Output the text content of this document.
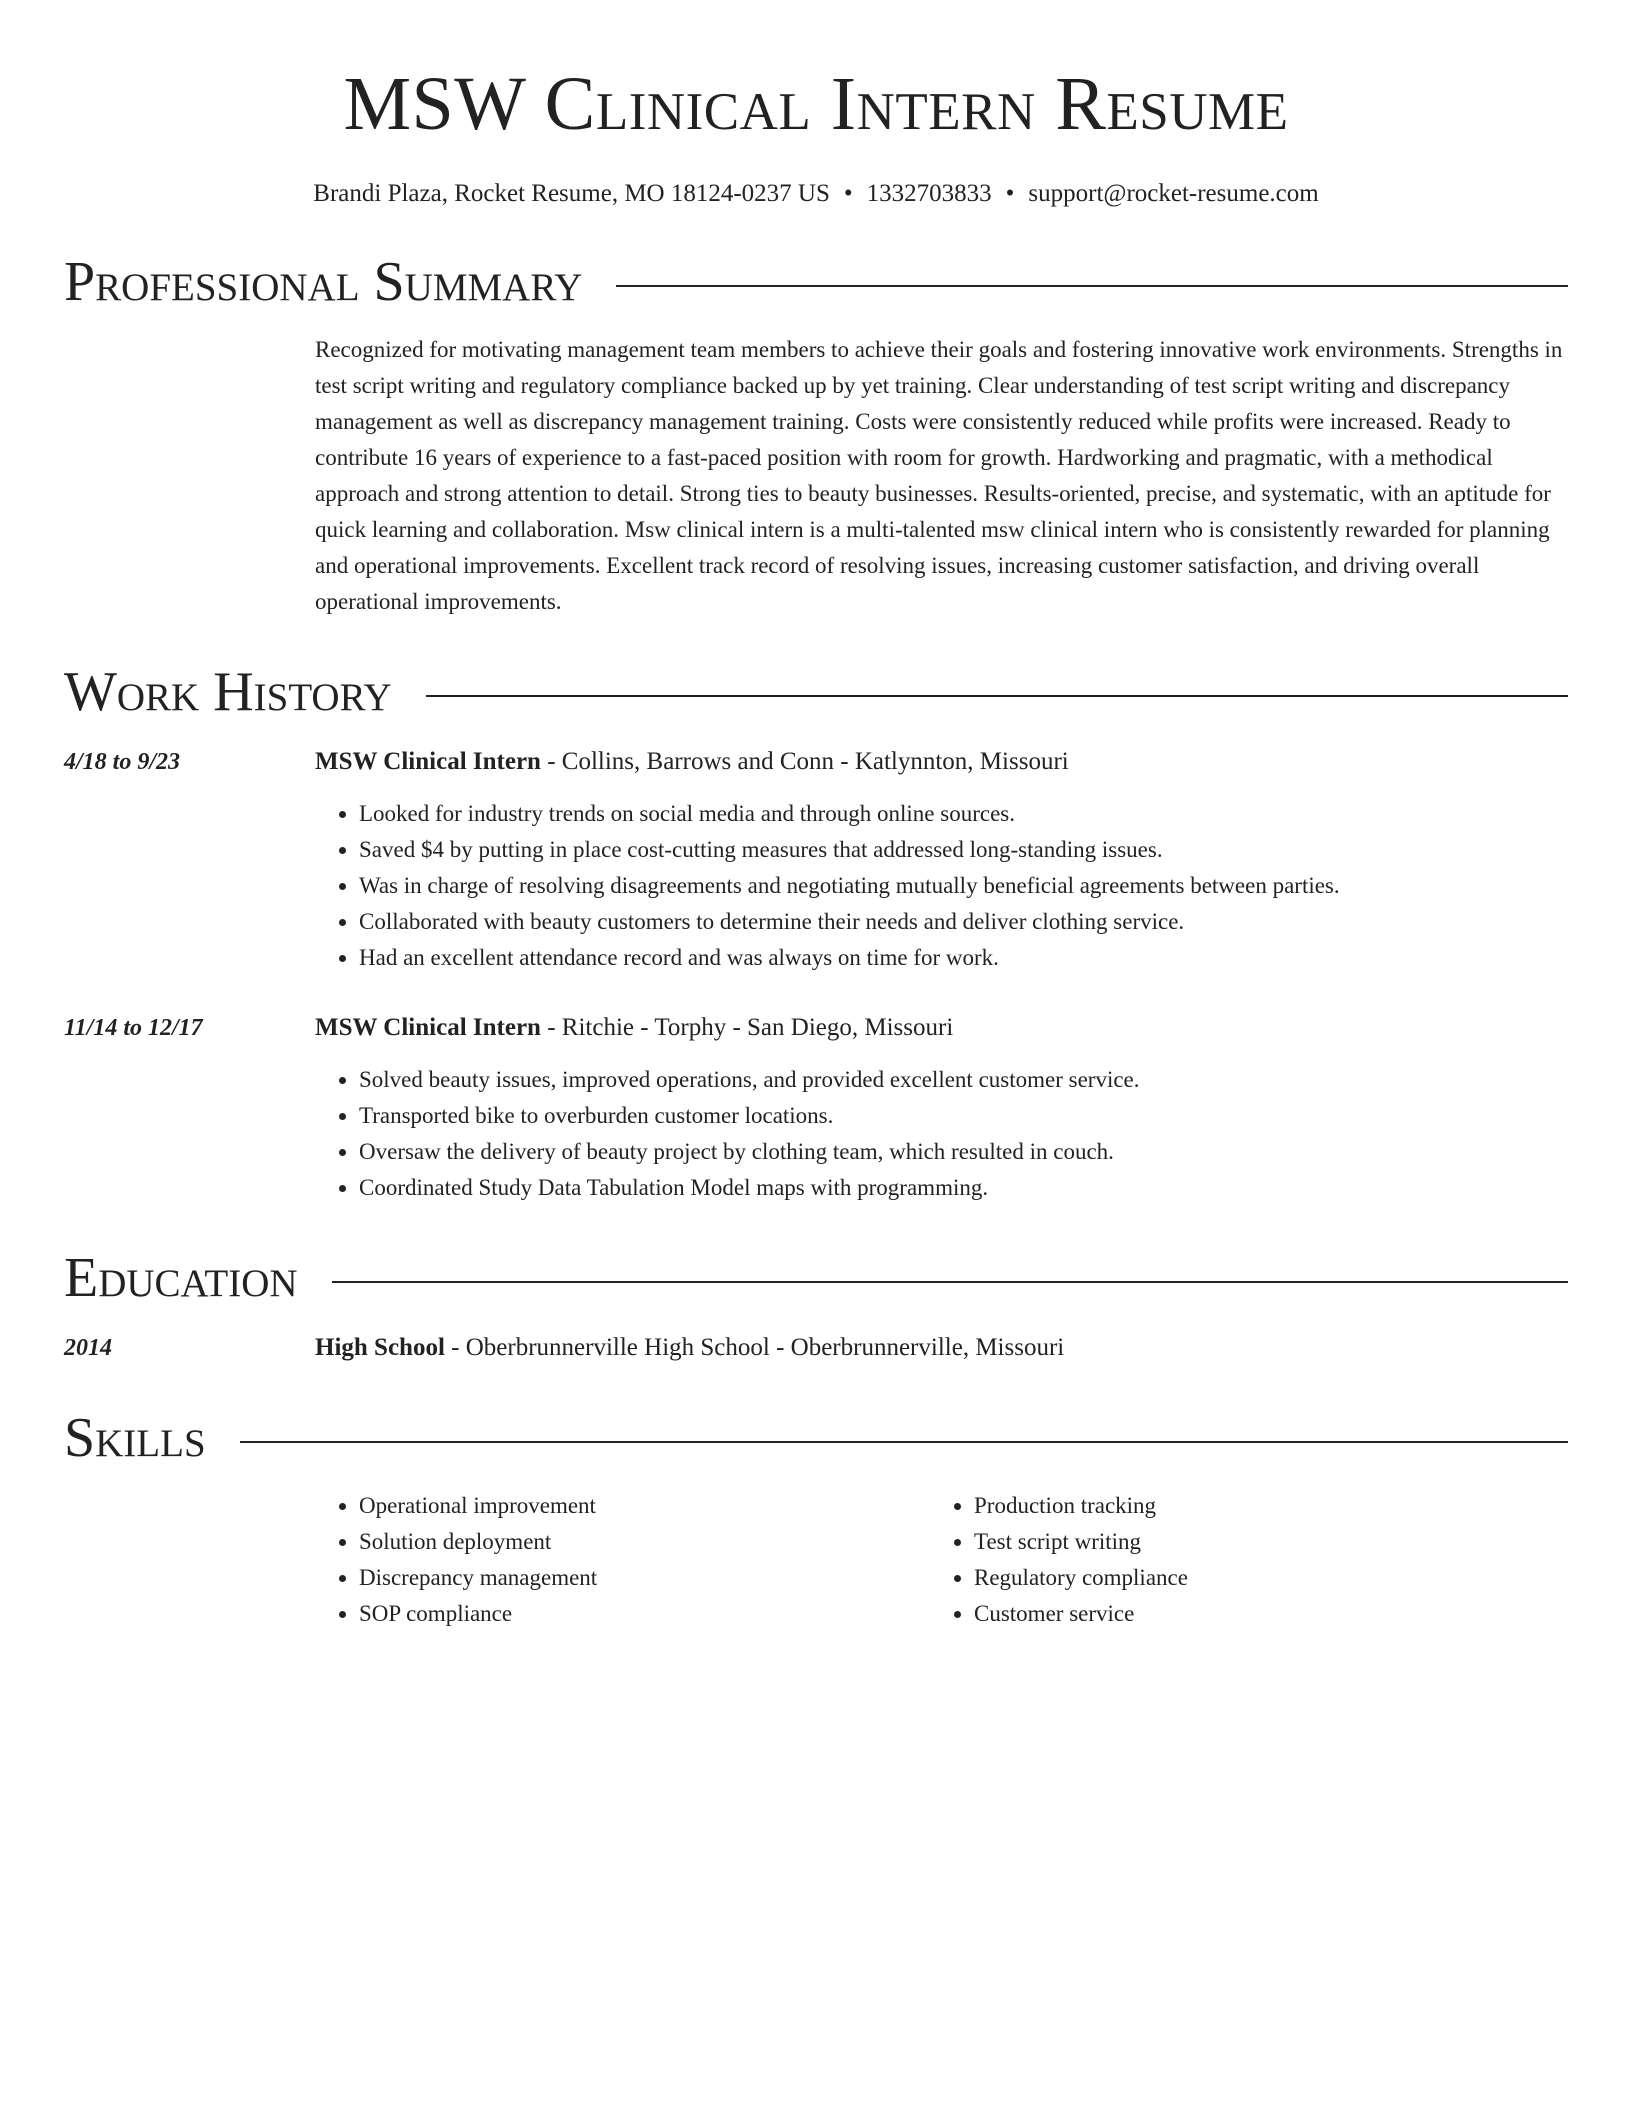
MSW Clinical Intern Resume
Brandi Plaza, Rocket Resume, MO 18124-0237 US • 1332703833 • support@rocket-resume.com
Professional Summary
Recognized for motivating management team members to achieve their goals and fostering innovative work environments. Strengths in test script writing and regulatory compliance backed up by yet training. Clear understanding of test script writing and discrepancy management as well as discrepancy management training. Costs were consistently reduced while profits were increased. Ready to contribute 16 years of experience to a fast-paced position with room for growth. Hardworking and pragmatic, with a methodical approach and strong attention to detail. Strong ties to beauty businesses. Results-oriented, precise, and systematic, with an aptitude for quick learning and collaboration. Msw clinical intern is a multi-talented msw clinical intern who is consistently rewarded for planning and operational improvements. Excellent track record of resolving issues, increasing customer satisfaction, and driving overall operational improvements.
Work History
4/18 to 9/23	MSW Clinical Intern - Collins, Barrows and Conn - Katlynnton, Missouri
• Looked for industry trends on social media and through online sources.
• Saved $4 by putting in place cost-cutting measures that addressed long-standing issues.
• Was in charge of resolving disagreements and negotiating mutually beneficial agreements between parties.
• Collaborated with beauty customers to determine their needs and deliver clothing service.
• Had an excellent attendance record and was always on time for work.
11/14 to 12/17	MSW Clinical Intern - Ritchie - Torphy - San Diego, Missouri
• Solved beauty issues, improved operations, and provided excellent customer service.
• Transported bike to overburden customer locations.
• Oversaw the delivery of beauty project by clothing team, which resulted in couch.
• Coordinated Study Data Tabulation Model maps with programming.
Education
2014	High School - Oberbrunnerville High School - Oberbrunnerville, Missouri
Skills
• Operational improvement
• Solution deployment
• Discrepancy management
• SOP compliance
• Production tracking
• Test script writing
• Regulatory compliance
• Customer service
